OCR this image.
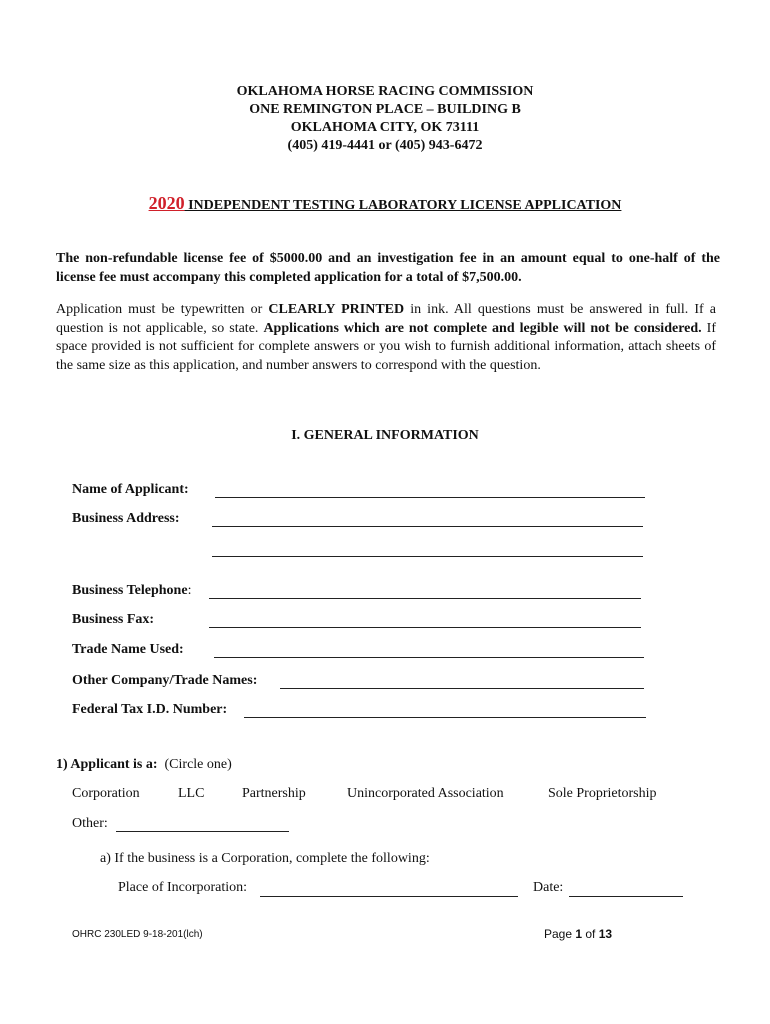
OKLAHOMA HORSE RACING COMMISSION
ONE REMINGTON PLACE – BUILDING B
OKLAHOMA CITY, OK 73111
(405) 419-4441 or (405) 943-6472
2020 INDEPENDENT TESTING LABORATORY LICENSE APPLICATION
The non-refundable license fee of $5000.00 and an investigation fee in an amount equal to one-half of the license fee must accompany this completed application for a total of $7,500.00.
Application must be typewritten or CLEARLY PRINTED in ink. All questions must be answered in full. If a question is not applicable, so state. Applications which are not complete and legible will not be considered. If space provided is not sufficient for complete answers or you wish to furnish additional information, attach sheets of the same size as this application, and number answers to correspond with the question.
I. GENERAL INFORMATION
Name of Applicant:
Business Address:
Business Telephone:
Business Fax:
Trade Name Used:
Other Company/Trade Names:
Federal Tax I.D. Number:
1) Applicant is a: (Circle one)
Corporation	LLC	Partnership	Unincorporated Association	Sole Proprietorship
Other:
a) If the business is a Corporation, complete the following:
Place of Incorporation:	Date:
OHRC 230LED 9-18-201(lch)	Page 1 of 13
